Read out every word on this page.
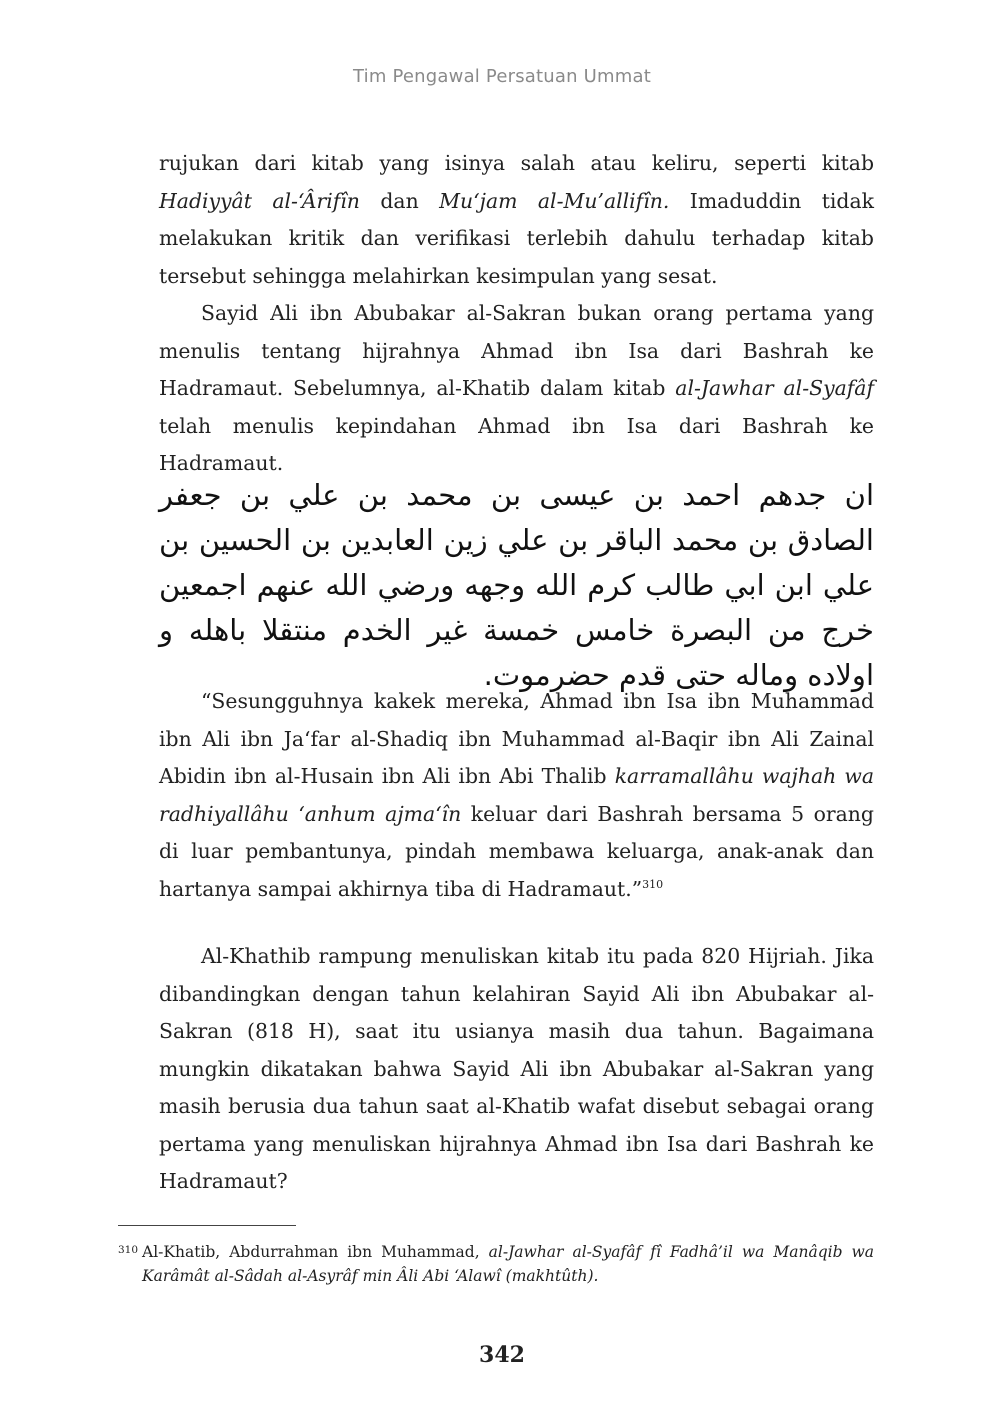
Tim Pengawal Persatuan Ummat

rujukan dari kitab yang isinya salah atau keliru, seperti kitab Hadiyyât al-‘Ârifîn dan Mu‘jam al-Mu’allifîn. Imaduddin tidak melakukan kritik dan verifikasi terlebih dahulu terhadap kitab tersebut sehingga melahirkan kesimpulan yang sesat.

Sayid Ali ibn Abubakar al-Sakran bukan orang pertama yang menulis tentang hijrahnya Ahmad ibn Isa dari Bashrah ke Hadramaut. Sebelumnya, al-Khatib dalam kitab al-Jawhar al-Syafâf telah menulis kepindahan Ahmad ibn Isa dari Bashrah ke Hadramaut.

ان جدهم احمد بن عيسى بن محمد بن علي بن جعفر الصادق بن محمد الباقر بن علي زين العابدين بن الحسين بن علي ابن ابي طالب كرم الله وجهه ورضي الله عنهم اجمعين خرج من البصرة خامس خمسة غير الخدم منتقلا باهله و اولاده وماله حتى قدم حضرموت.

“Sesungguhnya kakek mereka, Ahmad ibn Isa ibn Muhammad ibn Ali ibn Ja‘far al-Shadiq ibn Muhammad al-Baqir ibn Ali Zainal Abidin ibn al-Husain ibn Ali ibn Abi Thalib karramallâhu wajhah wa radhiyallâhu ‘anhum ajma‘în keluar dari Bashrah bersama 5 orang di luar pembantunya, pindah membawa keluarga, anak-anak dan hartanya sampai akhirnya tiba di Hadramaut.”$^{310}$

Al-Khathib rampung menuliskan kitab itu pada 820 Hijriah. Jika dibandingkan dengan tahun kelahiran Sayid Ali ibn Abubakar al-Sakran (818 H), saat itu usianya masih dua tahun. Bagaimana mungkin dikatakan bahwa Sayid Ali ibn Abubakar al-Sakran yang masih berusia dua tahun saat al-Khatib wafat disebut sebagai orang pertama yang menuliskan hijrahnya Ahmad ibn Isa dari Bashrah ke Hadramaut?

310 Al-Khatib, Abdurrahman ibn Muhammad, al-Jawhar al-Syafâf fî Fadhâ’il wa Manâqib wa Karâmât al-Sâdah al-Asyrâf min Âli Abi ‘Alawî (makhtûth).

342
